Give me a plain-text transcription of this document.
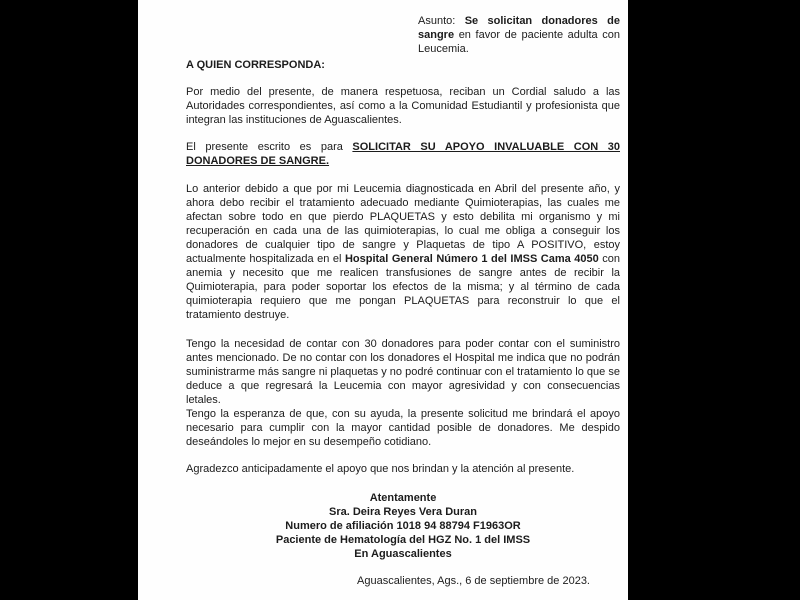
Asunto: Se solicitan donadores de sangre en favor de paciente adulta con Leucemia.

A QUIEN CORRESPONDA:

Por medio del presente, de manera respetuosa, reciban un Cordial saludo a las Autoridades correspondientes, así como a la Comunidad Estudiantil y profesionista que integran las instituciones de Aguascalientes.

El presente escrito es para SOLICITAR SU APOYO INVALUABLE CON 30 DONADORES DE SANGRE.

Lo anterior debido a que por mi Leucemia diagnosticada en Abril del presente año, y ahora debo recibir el tratamiento adecuado mediante Quimioterapias, las cuales me afectan sobre todo en que pierdo PLAQUETAS y esto debilita mi organismo y mi recuperación en cada una de las quimioterapias, lo cual me obliga a conseguir los donadores de cualquier tipo de sangre y Plaquetas de tipo A POSITIVO, estoy actualmente hospitalizada en el Hospital General Número 1 del IMSS Cama 4050 con anemia y necesito que me realicen transfusiones de sangre antes de recibir la Quimioterapia, para poder soportar los efectos de la misma; y al término de cada quimioterapia requiero que me pongan PLAQUETAS para reconstruir lo que el tratamiento destruye.

Tengo la necesidad de contar con 30 donadores para poder contar con el suministro antes mencionado. De no contar con los donadores el Hospital me indica que no podrán suministrarme más sangre ni plaquetas y no podré continuar con el tratamiento lo que se deduce a que regresará la Leucemia con mayor agresividad y con consecuencias letales.

Tengo la esperanza de que, con su ayuda, la presente solicitud me brindará el apoyo necesario para cumplir con la mayor cantidad posible de donadores. Me despido deseándoles lo mejor en su desempeño cotidiano.

Agradezco anticipadamente el apoyo que nos brindan y la atención al presente.

Atentamente
Sra. Deira Reyes Vera Duran
Numero de afiliación 1018 94 88794 F1963OR
Paciente de Hematología del HGZ No. 1 del IMSS
En Aguascalientes

Aguascalientes, Ags., 6 de septiembre de 2023.
